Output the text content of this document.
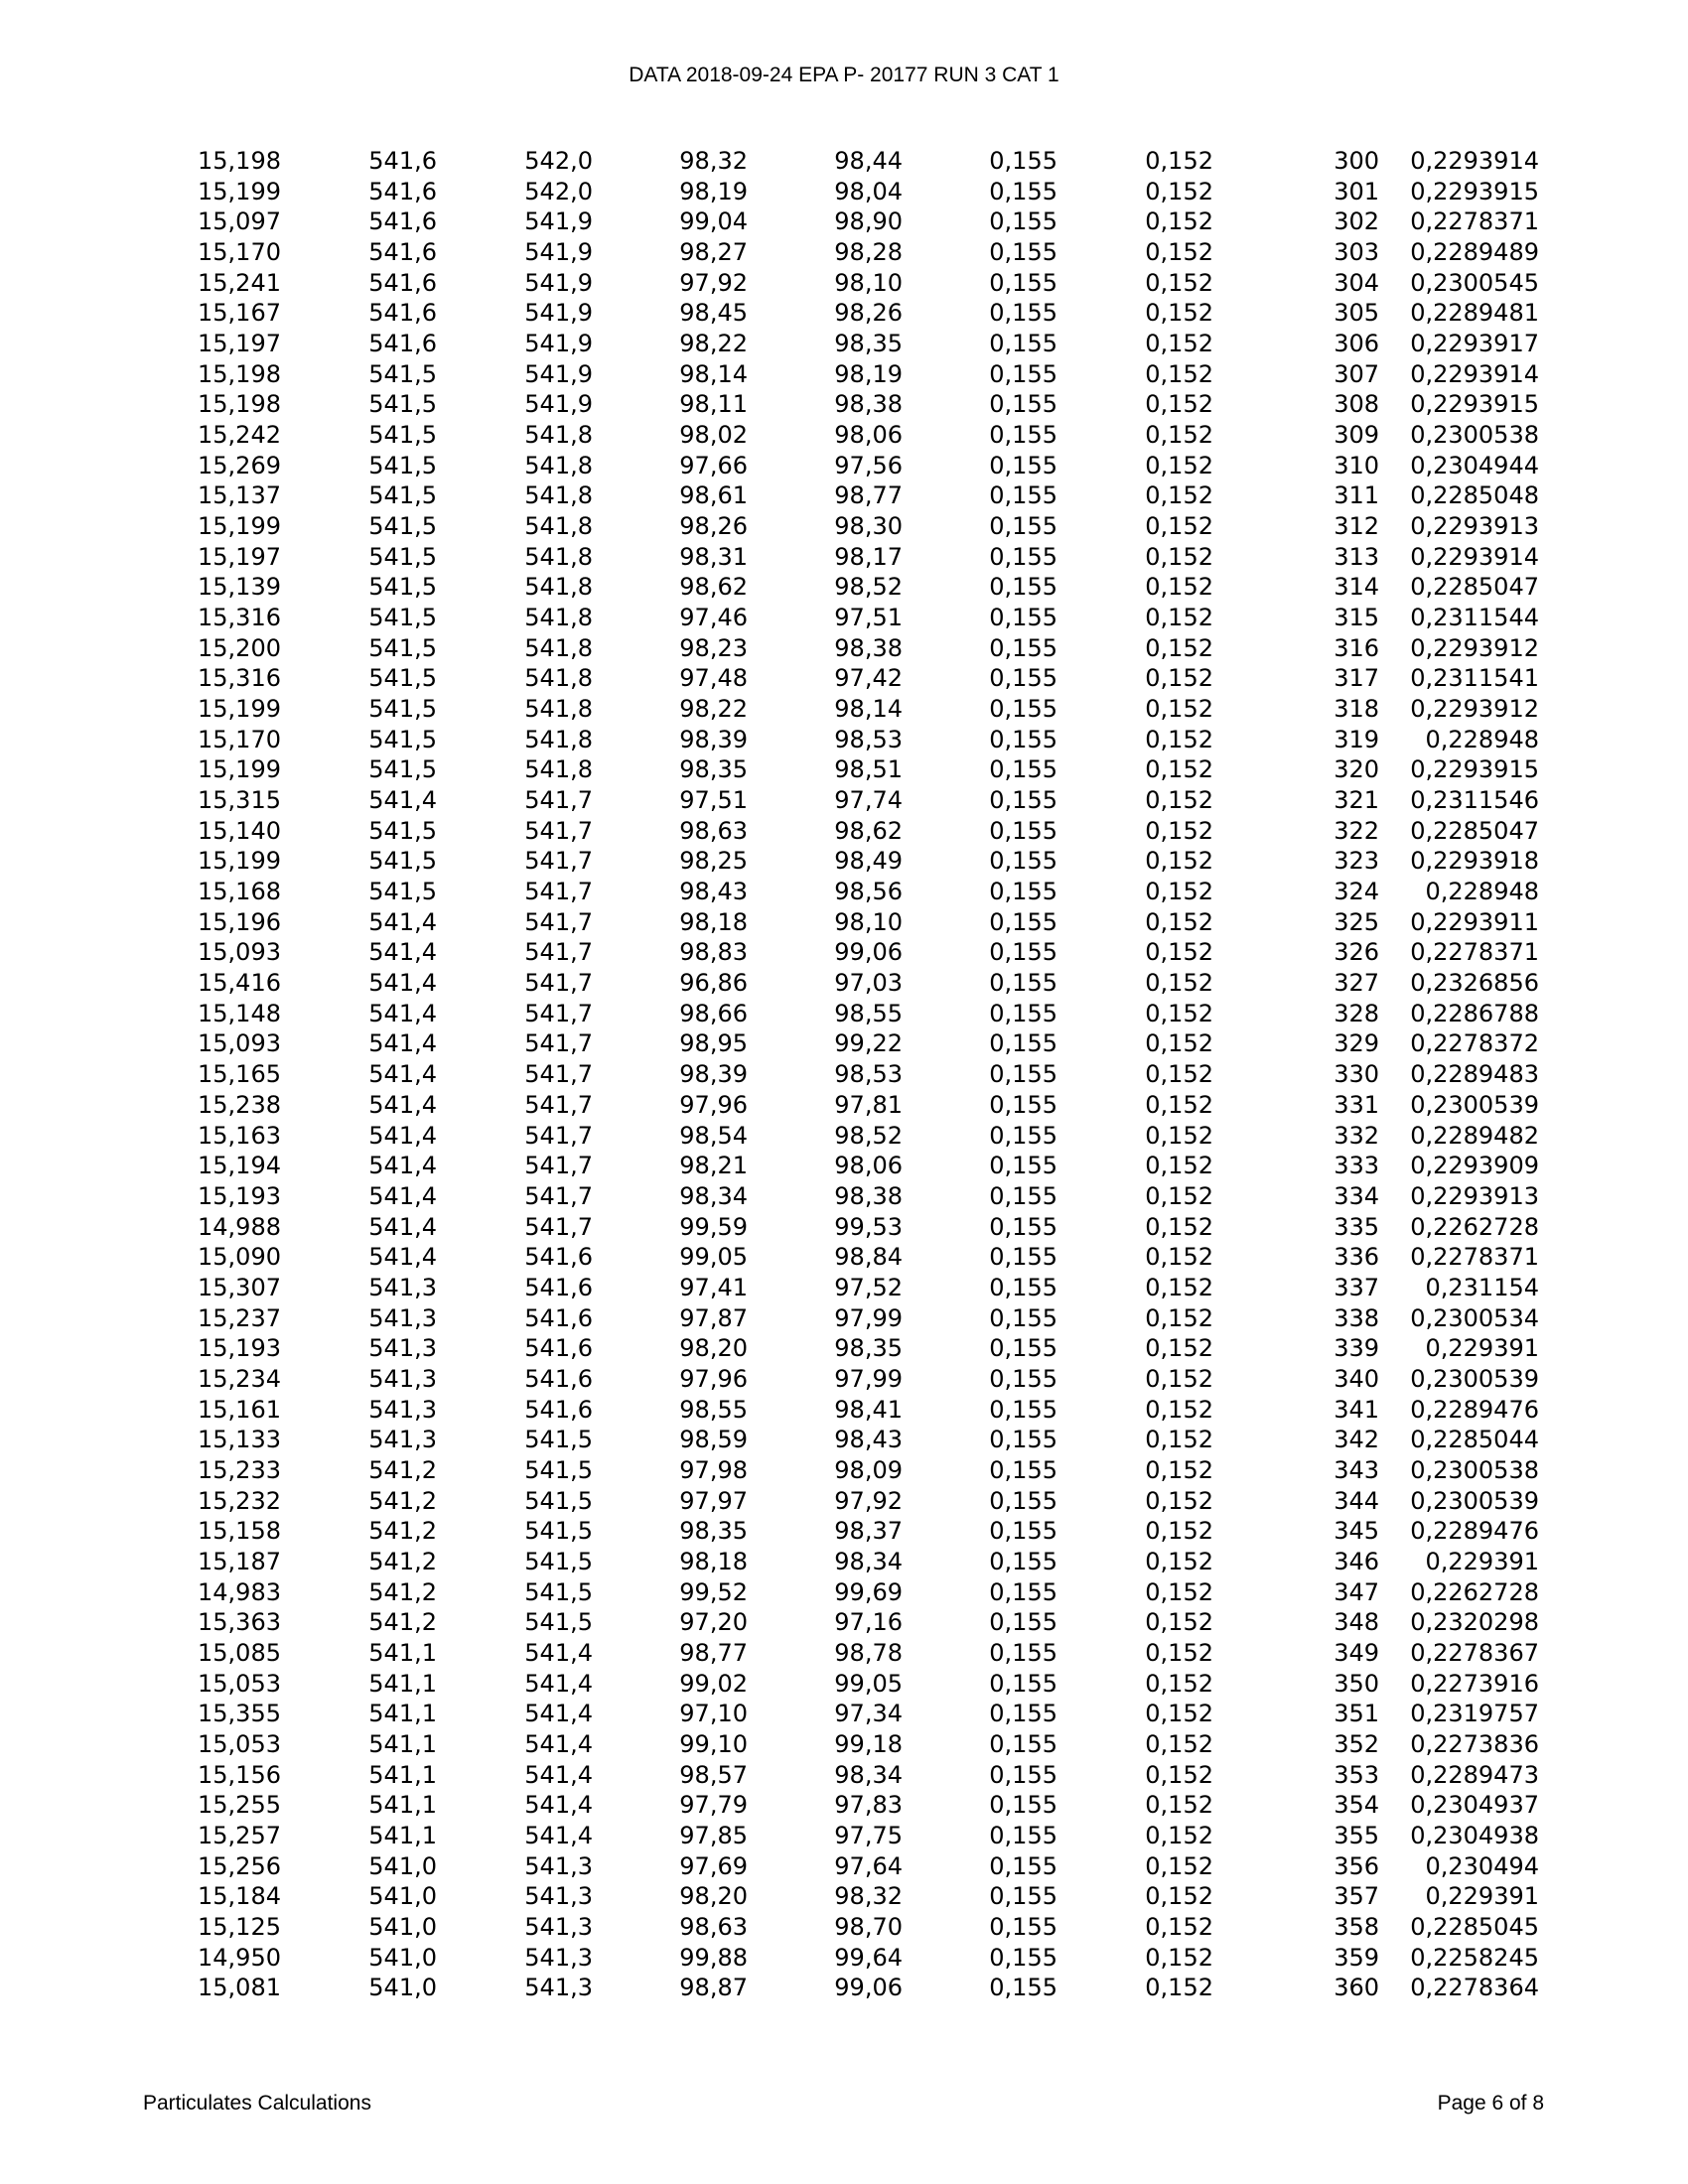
DATA 2018-09-24 EPA P- 20177 RUN 3 CAT 1
15,198	541,6	542,0	98,32	98,44	0,155	0,152	300	0,2293914
15,199	541,6	542,0	98,19	98,04	0,155	0,152	301	0,2293915
15,097	541,6	541,9	99,04	98,90	0,155	0,152	302	0,2278371
15,170	541,6	541,9	98,27	98,28	0,155	0,152	303	0,2289489
15,241	541,6	541,9	97,92	98,10	0,155	0,152	304	0,2300545
15,167	541,6	541,9	98,45	98,26	0,155	0,152	305	0,2289481
15,197	541,6	541,9	98,22	98,35	0,155	0,152	306	0,2293917
15,198	541,5	541,9	98,14	98,19	0,155	0,152	307	0,2293914
15,198	541,5	541,9	98,11	98,38	0,155	0,152	308	0,2293915
15,242	541,5	541,8	98,02	98,06	0,155	0,152	309	0,2300538
15,269	541,5	541,8	97,66	97,56	0,155	0,152	310	0,2304944
15,137	541,5	541,8	98,61	98,77	0,155	0,152	311	0,2285048
15,199	541,5	541,8	98,26	98,30	0,155	0,152	312	0,2293913
15,197	541,5	541,8	98,31	98,17	0,155	0,152	313	0,2293914
15,139	541,5	541,8	98,62	98,52	0,155	0,152	314	0,2285047
15,316	541,5	541,8	97,46	97,51	0,155	0,152	315	0,2311544
15,200	541,5	541,8	98,23	98,38	0,155	0,152	316	0,2293912
15,316	541,5	541,8	97,48	97,42	0,155	0,152	317	0,2311541
15,199	541,5	541,8	98,22	98,14	0,155	0,152	318	0,2293912
15,170	541,5	541,8	98,39	98,53	0,155	0,152	319	0,228948
15,199	541,5	541,8	98,35	98,51	0,155	0,152	320	0,2293915
15,315	541,4	541,7	97,51	97,74	0,155	0,152	321	0,2311546
15,140	541,5	541,7	98,63	98,62	0,155	0,152	322	0,2285047
15,199	541,5	541,7	98,25	98,49	0,155	0,152	323	0,2293918
15,168	541,5	541,7	98,43	98,56	0,155	0,152	324	0,228948
15,196	541,4	541,7	98,18	98,10	0,155	0,152	325	0,2293911
15,093	541,4	541,7	98,83	99,06	0,155	0,152	326	0,2278371
15,416	541,4	541,7	96,86	97,03	0,155	0,152	327	0,2326856
15,148	541,4	541,7	98,66	98,55	0,155	0,152	328	0,2286788
15,093	541,4	541,7	98,95	99,22	0,155	0,152	329	0,2278372
15,165	541,4	541,7	98,39	98,53	0,155	0,152	330	0,2289483
15,238	541,4	541,7	97,96	97,81	0,155	0,152	331	0,2300539
15,163	541,4	541,7	98,54	98,52	0,155	0,152	332	0,2289482
15,194	541,4	541,7	98,21	98,06	0,155	0,152	333	0,2293909
15,193	541,4	541,7	98,34	98,38	0,155	0,152	334	0,2293913
14,988	541,4	541,7	99,59	99,53	0,155	0,152	335	0,2262728
15,090	541,4	541,6	99,05	98,84	0,155	0,152	336	0,2278371
15,307	541,3	541,6	97,41	97,52	0,155	0,152	337	0,231154
15,237	541,3	541,6	97,87	97,99	0,155	0,152	338	0,2300534
15,193	541,3	541,6	98,20	98,35	0,155	0,152	339	0,229391
15,234	541,3	541,6	97,96	97,99	0,155	0,152	340	0,2300539
15,161	541,3	541,6	98,55	98,41	0,155	0,152	341	0,2289476
15,133	541,3	541,5	98,59	98,43	0,155	0,152	342	0,2285044
15,233	541,2	541,5	97,98	98,09	0,155	0,152	343	0,2300538
15,232	541,2	541,5	97,97	97,92	0,155	0,152	344	0,2300539
15,158	541,2	541,5	98,35	98,37	0,155	0,152	345	0,2289476
15,187	541,2	541,5	98,18	98,34	0,155	0,152	346	0,229391
14,983	541,2	541,5	99,52	99,69	0,155	0,152	347	0,2262728
15,363	541,2	541,5	97,20	97,16	0,155	0,152	348	0,2320298
15,085	541,1	541,4	98,77	98,78	0,155	0,152	349	0,2278367
15,053	541,1	541,4	99,02	99,05	0,155	0,152	350	0,2273916
15,355	541,1	541,4	97,10	97,34	0,155	0,152	351	0,2319757
15,053	541,1	541,4	99,10	99,18	0,155	0,152	352	0,2273836
15,156	541,1	541,4	98,57	98,34	0,155	0,152	353	0,2289473
15,255	541,1	541,4	97,79	97,83	0,155	0,152	354	0,2304937
15,257	541,1	541,4	97,85	97,75	0,155	0,152	355	0,2304938
15,256	541,0	541,3	97,69	97,64	0,155	0,152	356	0,230494
15,184	541,0	541,3	98,20	98,32	0,155	0,152	357	0,229391
15,125	541,0	541,3	98,63	98,70	0,155	0,152	358	0,2285045
14,950	541,0	541,3	99,88	99,64	0,155	0,152	359	0,2258245
15,081	541,0	541,3	98,87	99,06	0,155	0,152	360	0,2278364
Particulates Calculations	Page 6 of 8
